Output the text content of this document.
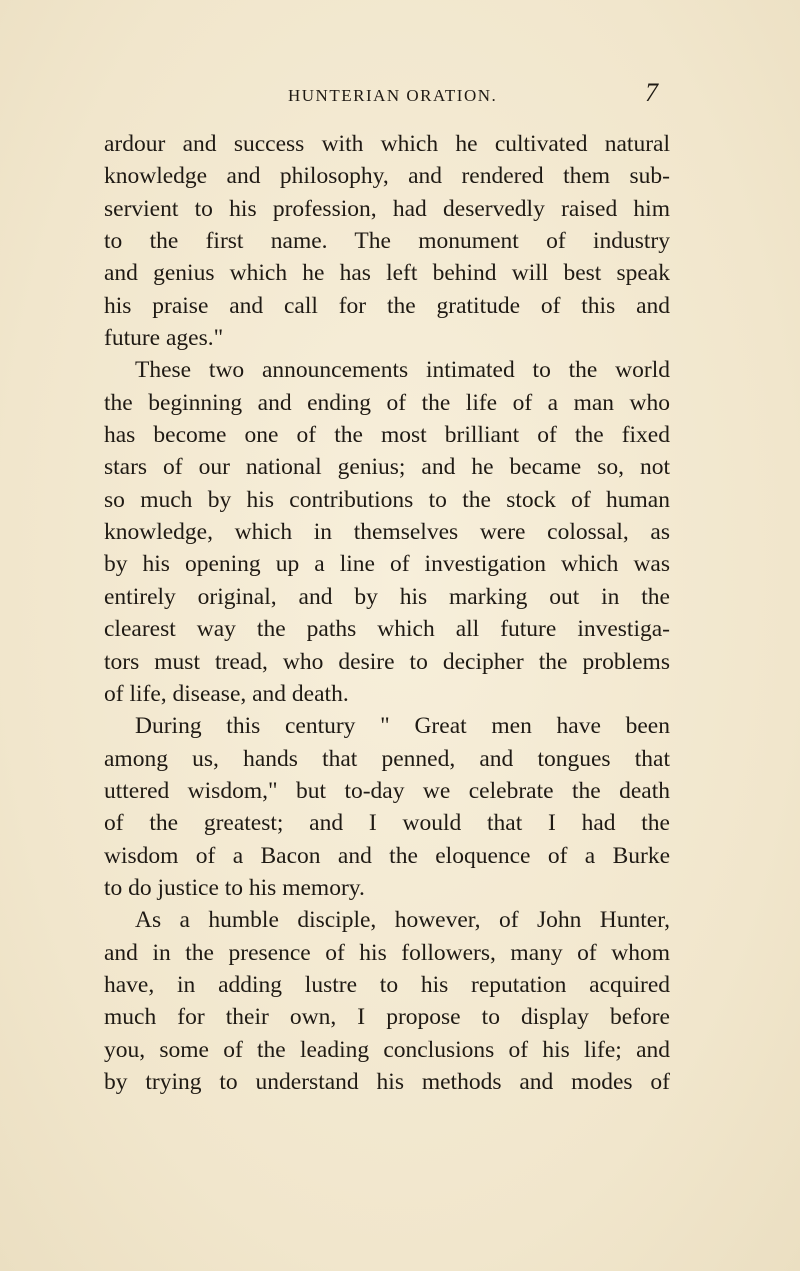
HUNTERIAN ORATION.	7
ardour and success with which he cultivated natural
knowledge and philosophy, and rendered them sub-
servient to his profession, had deservedly raised him
to the first name. The monument of industry
and genius which he has left behind will best speak
his praise and call for the gratitude of this and
future ages."
These two announcements intimated to the world
the beginning and ending of the life of a man who
has become one of the most brilliant of the fixed
stars of our national genius; and he became so, not
so much by his contributions to the stock of human
knowledge, which in themselves were colossal, as
by his opening up a line of investigation which was
entirely original, and by his marking out in the
clearest way the paths which all future investiga-
tors must tread, who desire to decipher the problems
of life, disease, and death.
During this century " Great men have been
among us, hands that penned, and tongues that
uttered wisdom," but to-day we celebrate the death
of the greatest; and I would that I had the
wisdom of a Bacon and the eloquence of a Burke
to do justice to his memory.
As a humble disciple, however, of John Hunter,
and in the presence of his followers, many of whom
have, in adding lustre to his reputation acquired
much for their own, I propose to display before
you, some of the leading conclusions of his life; and
by trying to understand his methods and modes of
